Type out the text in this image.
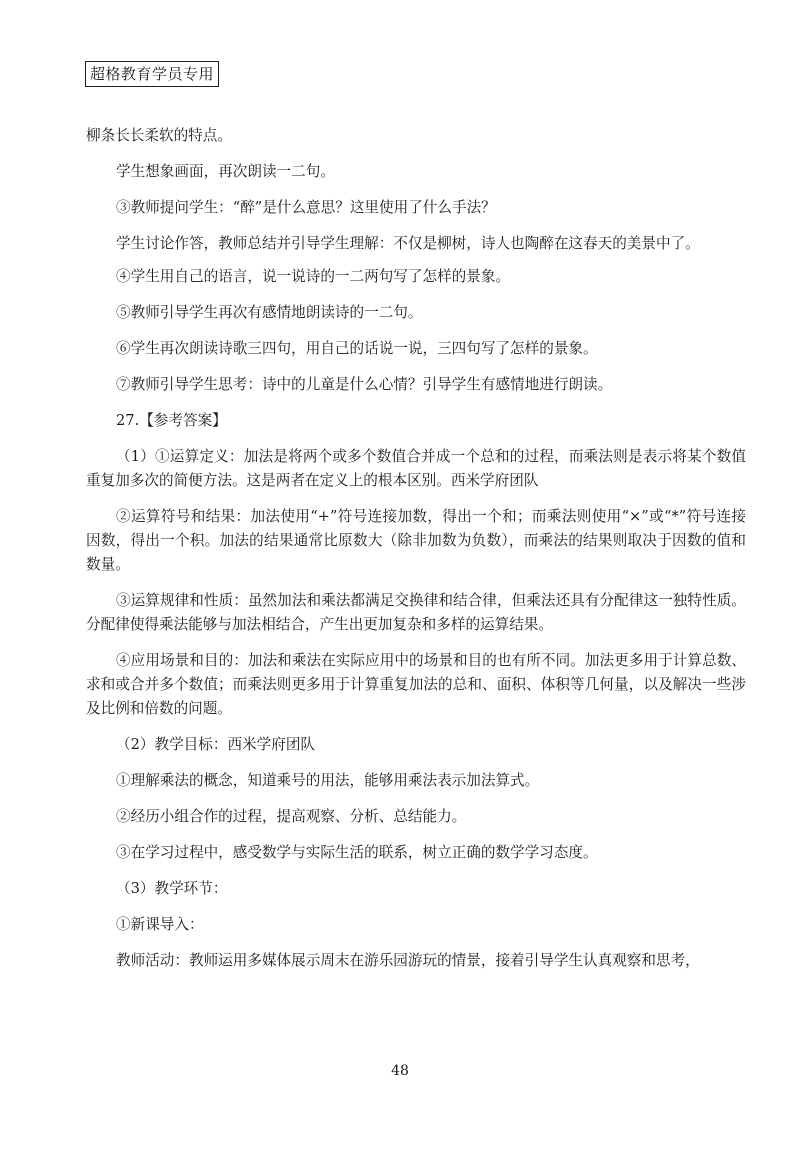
超格教育学员专用

柳条长长柔软的特点。

学生想象画面，再次朗读一二句。

③教师提问学生：“醉”是什么意思？这里使用了什么手法？

学生讨论作答，教师总结并引导学生理解：不仅是柳树，诗人也陶醉在这春天的美景中了。

④学生用自己的语言，说一说诗的一二两句写了怎样的景象。

⑤教师引导学生再次有感情地朗读诗的一二句。

⑥学生再次朗读诗歌三四句，用自己的话说一说，三四句写了怎样的景象。

⑦教师引导学生思考：诗中的儿童是什么心情？引导学生有感情地进行朗读。

27.【参考答案】

（1）①运算定义：加法是将两个或多个数值合并成一个总和的过程，而乘法则是表示将某个数值重复加多次的简便方法。这是两者在定义上的根本区别。西米学府团队

②运算符号和结果：加法使用“+”符号连接加数，得出一个和；而乘法则使用“×”或“*”符号连接因数，得出一个积。加法的结果通常比原数大（除非加数为负数），而乘法的结果则取决于因数的值和数量。

③运算规律和性质：虽然加法和乘法都满足交换律和结合律，但乘法还具有分配律这一独特性质。分配律使得乘法能够与加法相结合，产生出更加复杂和多样的运算结果。

④应用场景和目的：加法和乘法在实际应用中的场景和目的也有所不同。加法更多用于计算总数、求和或合并多个数值；而乘法则更多用于计算重复加法的总和、面积、体积等几何量，以及解决一些涉及比例和倍数的问题。

（2）教学目标：西米学府团队

①理解乘法的概念，知道乘号的用法，能够用乘法表示加法算式。

②经历小组合作的过程，提高观察、分析、总结能力。

③在学习过程中，感受数学与实际生活的联系，树立正确的数学学习态度。

（3）教学环节：

①新课导入：

教师活动：教师运用多媒体展示周末在游乐园游玩的情景，接着引导学生认真观察和思考，

48
